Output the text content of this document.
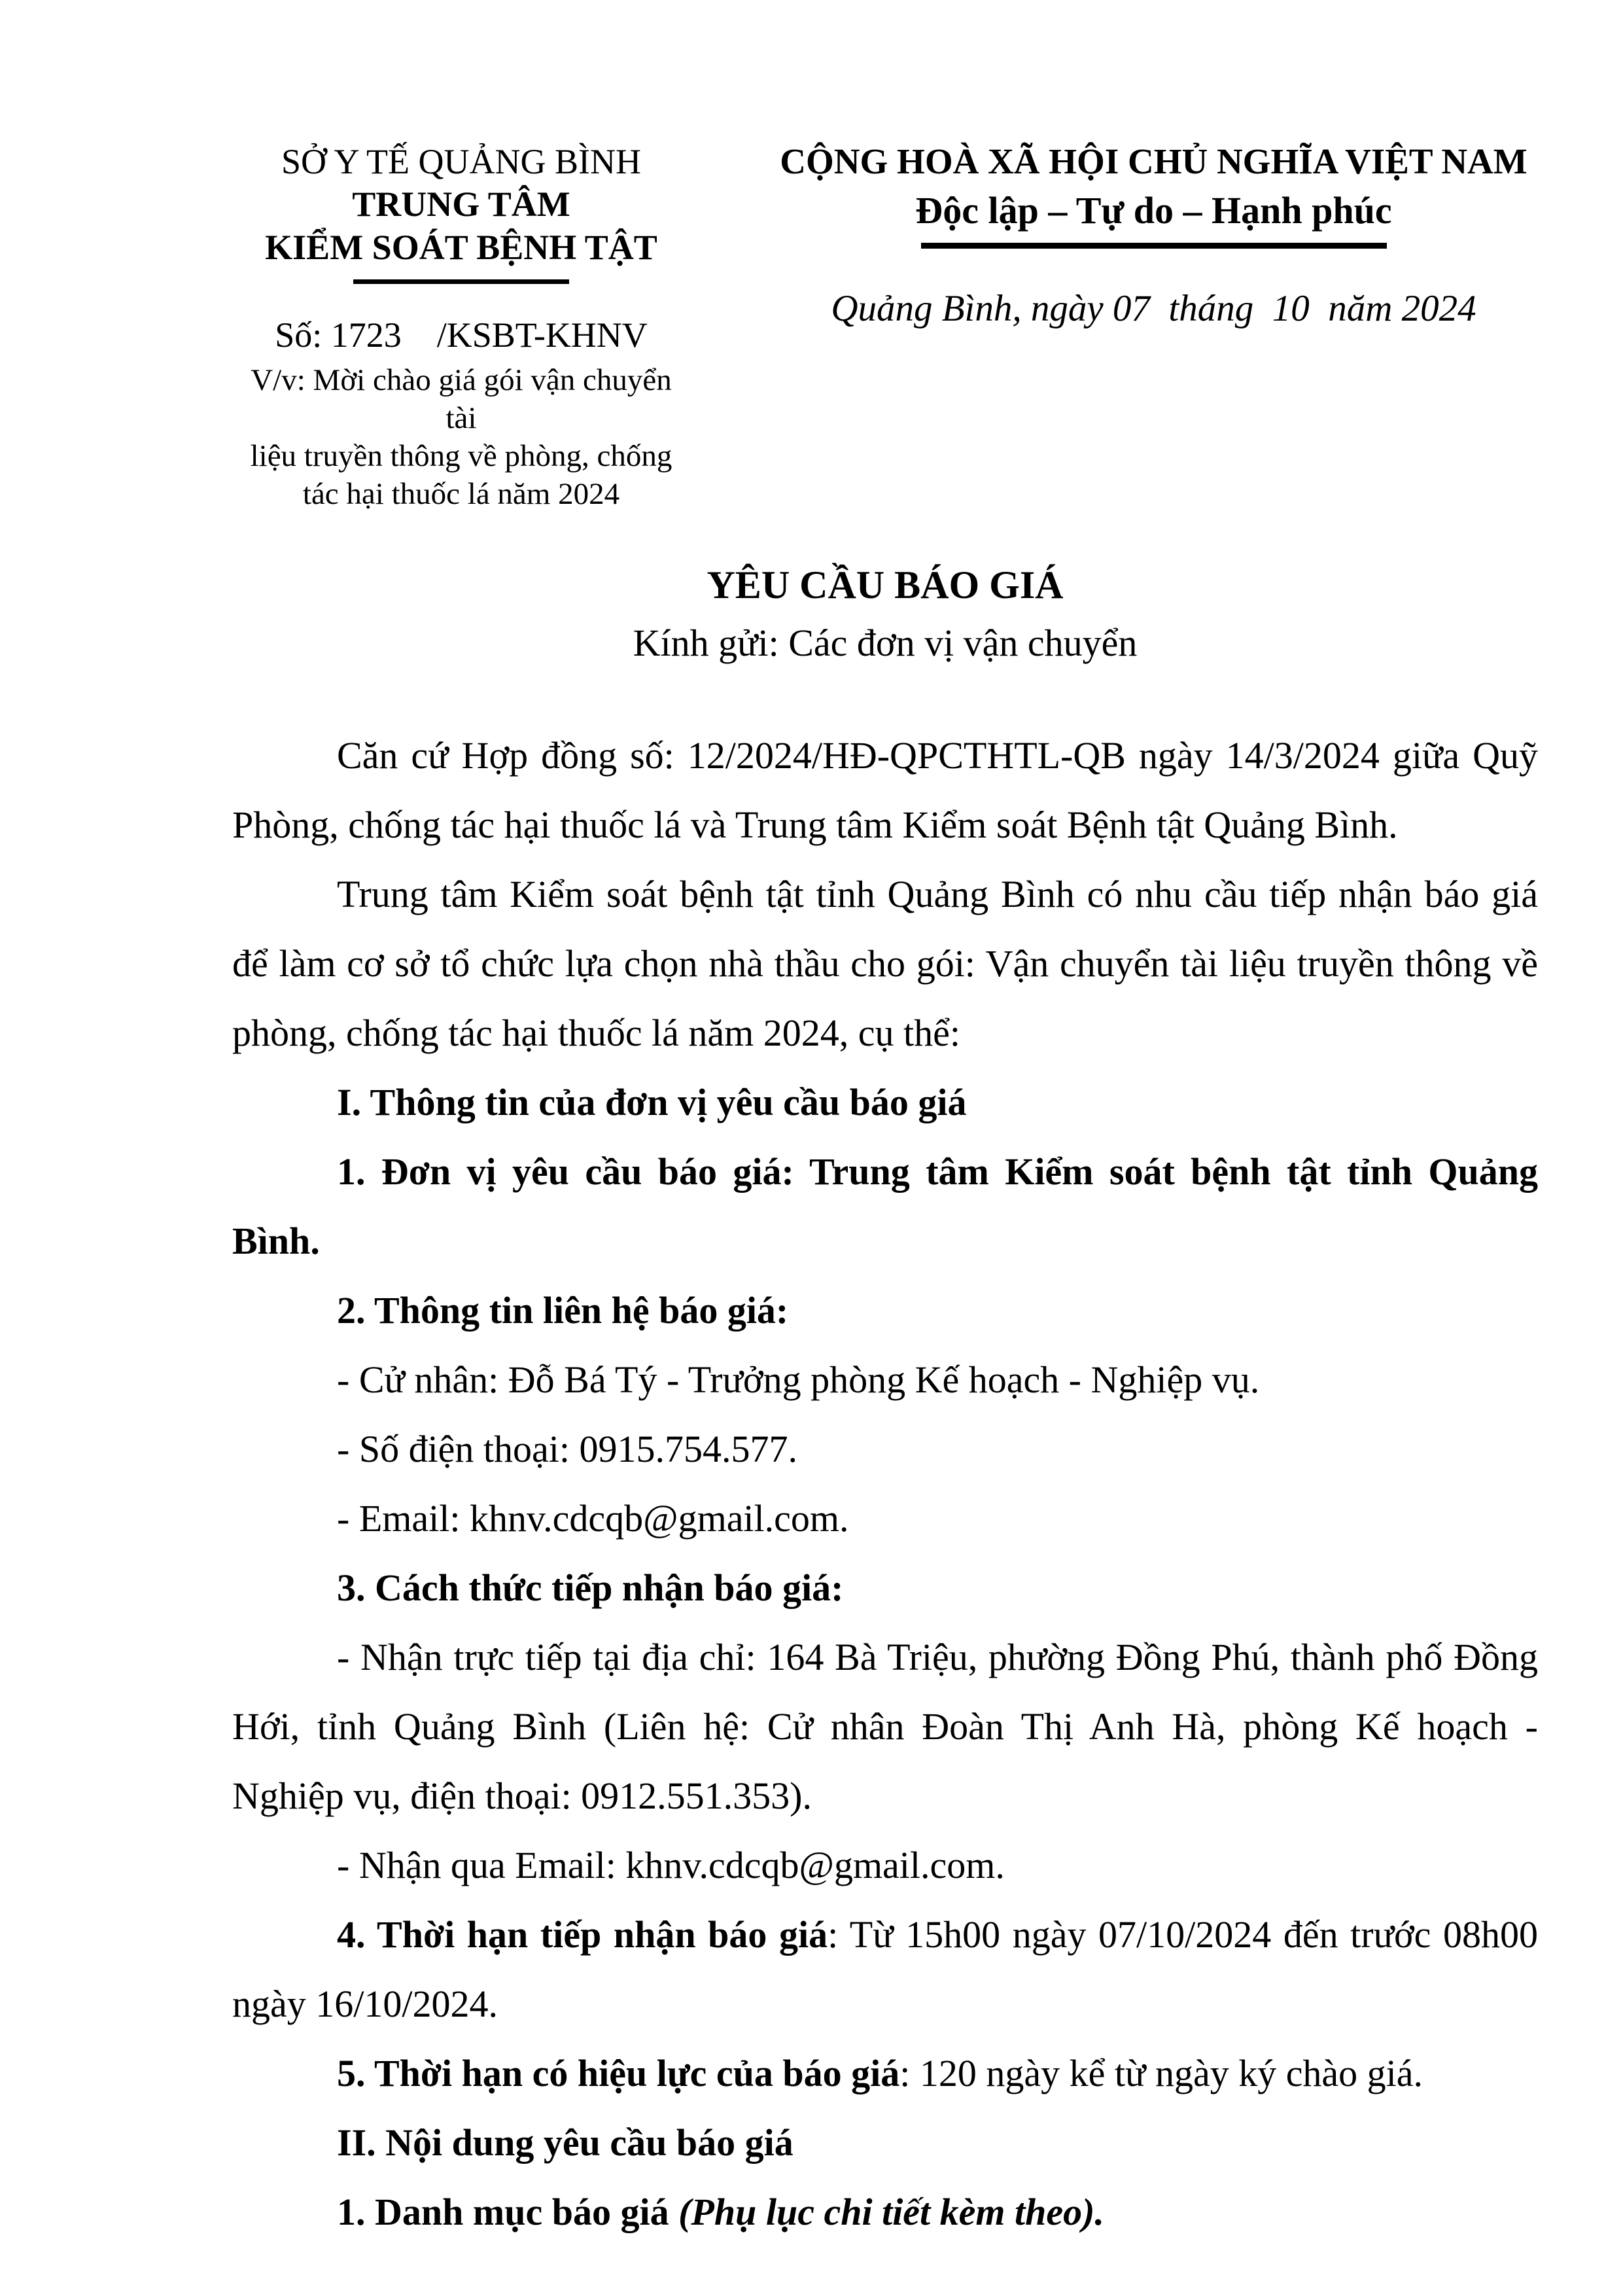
SỞ Y TẾ QUẢNG BÌNH
TRUNG TÂM
KIỂM SOÁT BỆNH TẬT
Số: 1723    /KSBT-KHNV
V/v: Mời chào giá gói vận chuyển tài
liệu truyền thông về phòng, chống
tác hại thuốc lá năm 2024
CỘNG HOÀ XÃ HỘI CHỦ NGHĨA VIỆT NAM
Độc lập – Tự do – Hạnh phúc
Quảng Bình, ngày 07  tháng  10  năm 2024
YÊU CẦU BÁO GIÁ
Kính gửi: Các đơn vị vận chuyển

Căn cứ Hợp đồng số: 12/2024/HĐ-QPCTHTL-QB ngày 14/3/2024 giữa Quỹ Phòng, chống tác hại thuốc lá và Trung tâm Kiểm soát Bệnh tật Quảng Bình.

Trung tâm Kiểm soát bệnh tật tỉnh Quảng Bình có nhu cầu tiếp nhận báo giá để làm cơ sở tổ chức lựa chọn nhà thầu cho gói: Vận chuyển tài liệu truyền thông về phòng, chống tác hại thuốc lá năm 2024, cụ thể:

I. Thông tin của đơn vị yêu cầu báo giá

1. Đơn vị yêu cầu báo giá: Trung tâm Kiểm soát bệnh tật tỉnh Quảng Bình.

2. Thông tin liên hệ báo giá:

- Cử nhân: Đỗ Bá Tý - Trưởng phòng Kế hoạch - Nghiệp vụ.

- Số điện thoại: 0915.754.577.

- Email: khnv.cdcqb@gmail.com.

3. Cách thức tiếp nhận báo giá:

- Nhận trực tiếp tại địa chỉ: 164 Bà Triệu, phường Đồng Phú, thành phố Đồng Hới, tỉnh Quảng Bình (Liên hệ: Cử nhân Đoàn Thị Anh Hà, phòng Kế hoạch - Nghiệp vụ, điện thoại: 0912.551.353).

- Nhận qua Email: khnv.cdcqb@gmail.com.

4. Thời hạn tiếp nhận báo giá: Từ 15h00 ngày 07/10/2024 đến trước 08h00 ngày 16/10/2024.

5. Thời hạn có hiệu lực của báo giá: 120 ngày kể từ ngày ký chào giá.

II. Nội dung yêu cầu báo giá

1. Danh mục báo giá (Phụ lục chi tiết kèm theo).
